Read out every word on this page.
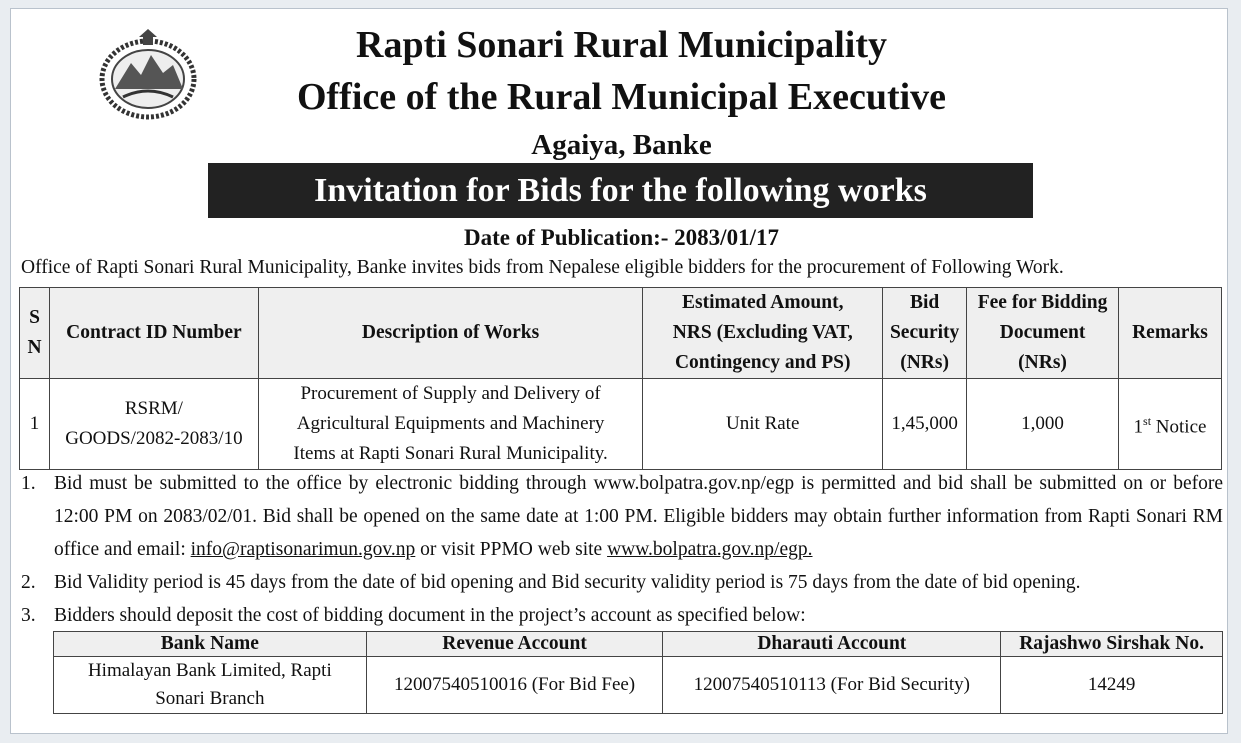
Rapti Sonari Rural Municipality
Office of the Rural Municipal Executive
Agaiya, Banke
Invitation for Bids for the following works
Date of Publication:- 2083/01/17
Office of Rapti Sonari Rural Municipality, Banke invites bids from Nepalese eligible bidders for the procurement of Following Work.
S
N	Contract ID Number	Description of Works	Estimated Amount,
NRS (Excluding VAT,
Contingency and PS)	Bid
Security
(NRs)	Fee for Bidding
Document
(NRs)	Remarks
1	RSRM/
GOODS/2082-2083/10	Procurement of Supply and Delivery of
Agricultural Equipments and Machinery
Items at Rapti Sonari Rural Municipality.	Unit Rate	1,45,000	1,000	1st Notice
1. Bid must be submitted to the office by electronic bidding through www.bolpatra.gov.np/egp is permitted and bid shall be submitted on or before 12:00 PM on 2083/02/01. Bid shall be opened on the same date at 1:00 PM. Eligible bidders may obtain further information from Rapti Sonari RM office and email: info@raptisonarimun.gov.np or visit PPMO web site www.bolpatra.gov.np/egp.
2. Bid Validity period is 45 days from the date of bid opening and Bid security validity period is 75 days from the date of bid opening.
3. Bidders should deposit the cost of bidding document in the project’s account as specified below:
Bank Name	Revenue Account	Dharauti Account	Rajashwo Sirshak No.
Himalayan Bank Limited, Rapti
Sonari Branch	12007540510016 (For Bid Fee)	12007540510113 (For Bid Security)	14249
